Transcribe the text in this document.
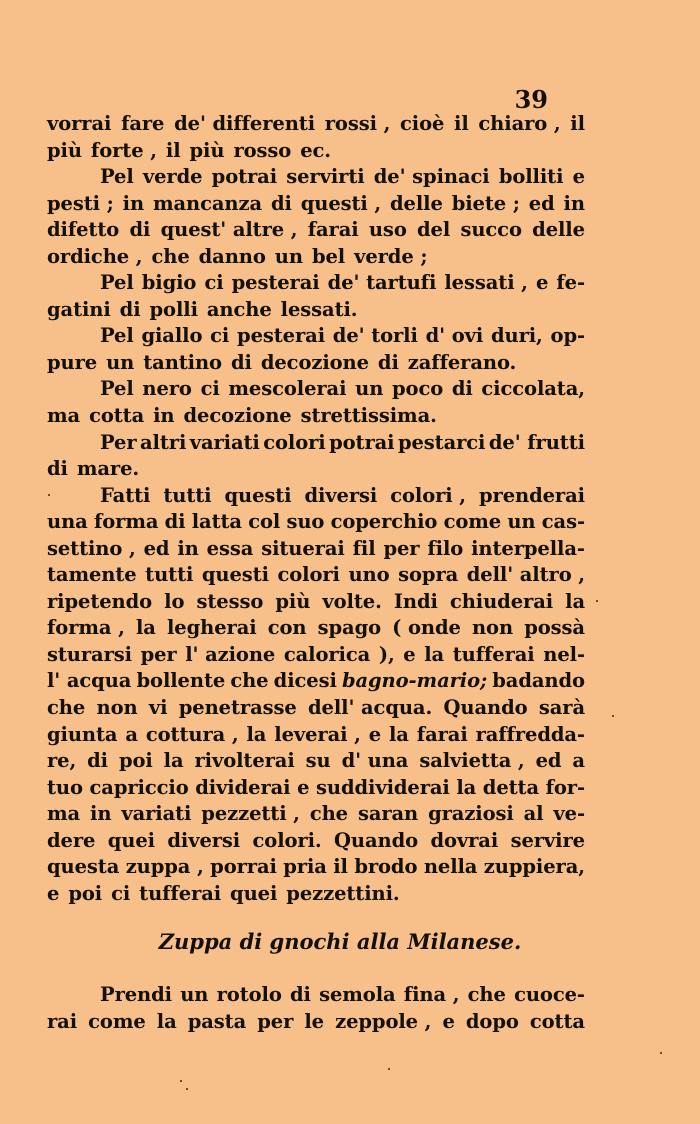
39
vorrai fare de' differenti rossi , cioè il chiaro , il
più forte , il più rosso ec.
Pel verde potrai servirti de' spinaci bolliti e
pesti ; in mancanza di questi , delle biete ; ed in
difetto di quest' altre , farai uso del succo delle
ordiche , che danno un bel verde ;
Pel bigio ci pesterai de' tartufi lessati , e fe-
gatini di polli anche lessati.
Pel giallo ci pesterai de' torli d' ovi duri, op-
pure un tantino di decozione di zafferano.
Pel nero ci mescolerai un poco di ciccolata,
ma cotta in decozione strettissima.
Per altri variati colori potrai pestarci de' frutti
di mare.
Fatti tutti questi diversi colori , prenderai
una forma di latta col suo coperchio come un cas-
settino , ed in essa situerai fil per filo interpella-
tamente tutti questi colori uno sopra dell' altro ,
ripetendo lo stesso più volte. Indi chiuderai la
forma , la legherai con spago ( onde non possà
sturarsi per l' azione calorica ), e la tufferai nel-
l' acqua bollente che dicesi bagno-mario; badando
che non vi penetrasse dell' acqua. Quando sarà
giunta a cottura , la leverai , e la farai raffredda-
re, di poi la rivolterai su d' una salvietta , ed a
tuo capriccio dividerai e suddividerai la detta for-
ma in variati pezzetti , che saran graziosi al ve-
dere quei diversi colori. Quando dovrai servire
questa zuppa , porrai pria il brodo nella zuppiera,
e poi ci tufferai quei pezzettini.
Zuppa di gnochi alla Milanese.
Prendi un rotolo di semola fina , che cuoce-
rai come la pasta per le zeppole , e dopo cotta
